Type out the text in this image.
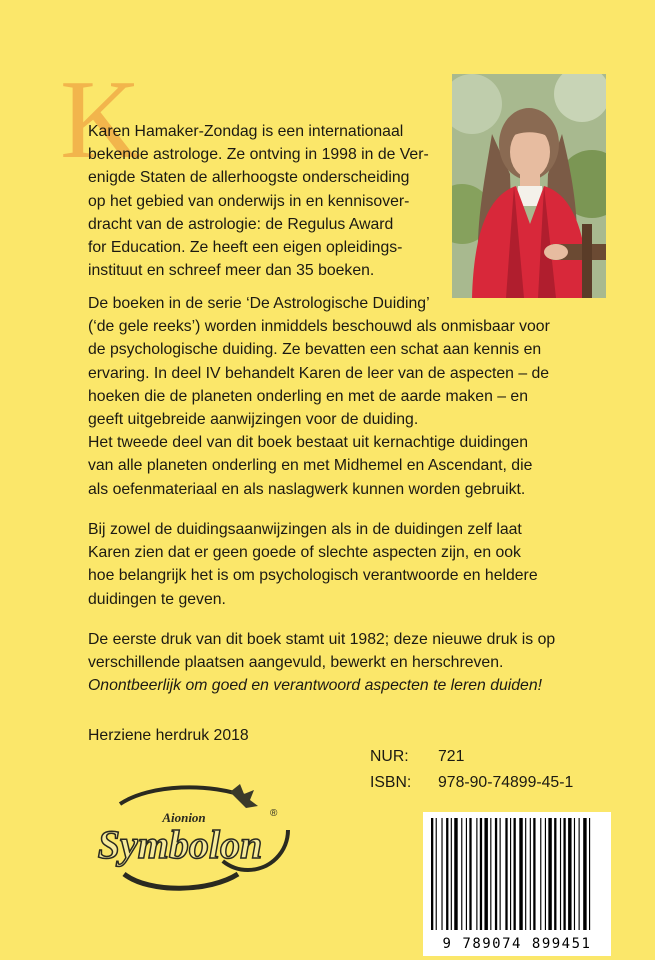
K
Karen Hamaker-Zondag is een internationaal
bekende astrologe. Ze ontving in 1998 in de Ver-
enigde Staten de allerhoogste onderscheiding
op het gebied van onderwijs in en kennisover-
dracht van de astrologie: de Regulus Award
for Education. Ze heeft een eigen opleidings-
instituut en schreef meer dan 35 boeken.
De boeken in de serie ‘De Astrologische Duiding’
(‘de gele reeks’) worden inmiddels beschouwd als onmisbaar voor
de psychologische duiding. Ze bevatten een schat aan kennis en
ervaring. In deel IV behandelt Karen de leer van de aspecten – de
hoeken die de planeten onderling en met de aarde maken – en
geeft uitgebreide aanwijzingen voor de duiding.
Het tweede deel van dit boek bestaat uit kernachtige duidingen
van alle planeten onderling en met Midhemel en Ascendant, die
als oefenmateriaal en als naslagwerk kunnen worden gebruikt.
Bij zowel de duidingsaanwijzingen als in de duidingen zelf laat
Karen zien dat er geen goede of slechte aspecten zijn, en ook
hoe belangrijk het is om psychologisch verantwoorde en heldere
duidingen te geven.
De eerste druk van dit boek stamt uit 1982; deze nieuwe druk is op
verschillende plaatsen aangevuld, bewerkt en herschreven.
Onontbeerlijk om goed en verantwoord aspecten te leren duiden!
Herziene herdruk 2018
NUR:	721
ISBN:	978-90-74899-45-1
Aionion
Symbolon
®
9 789074 899451
